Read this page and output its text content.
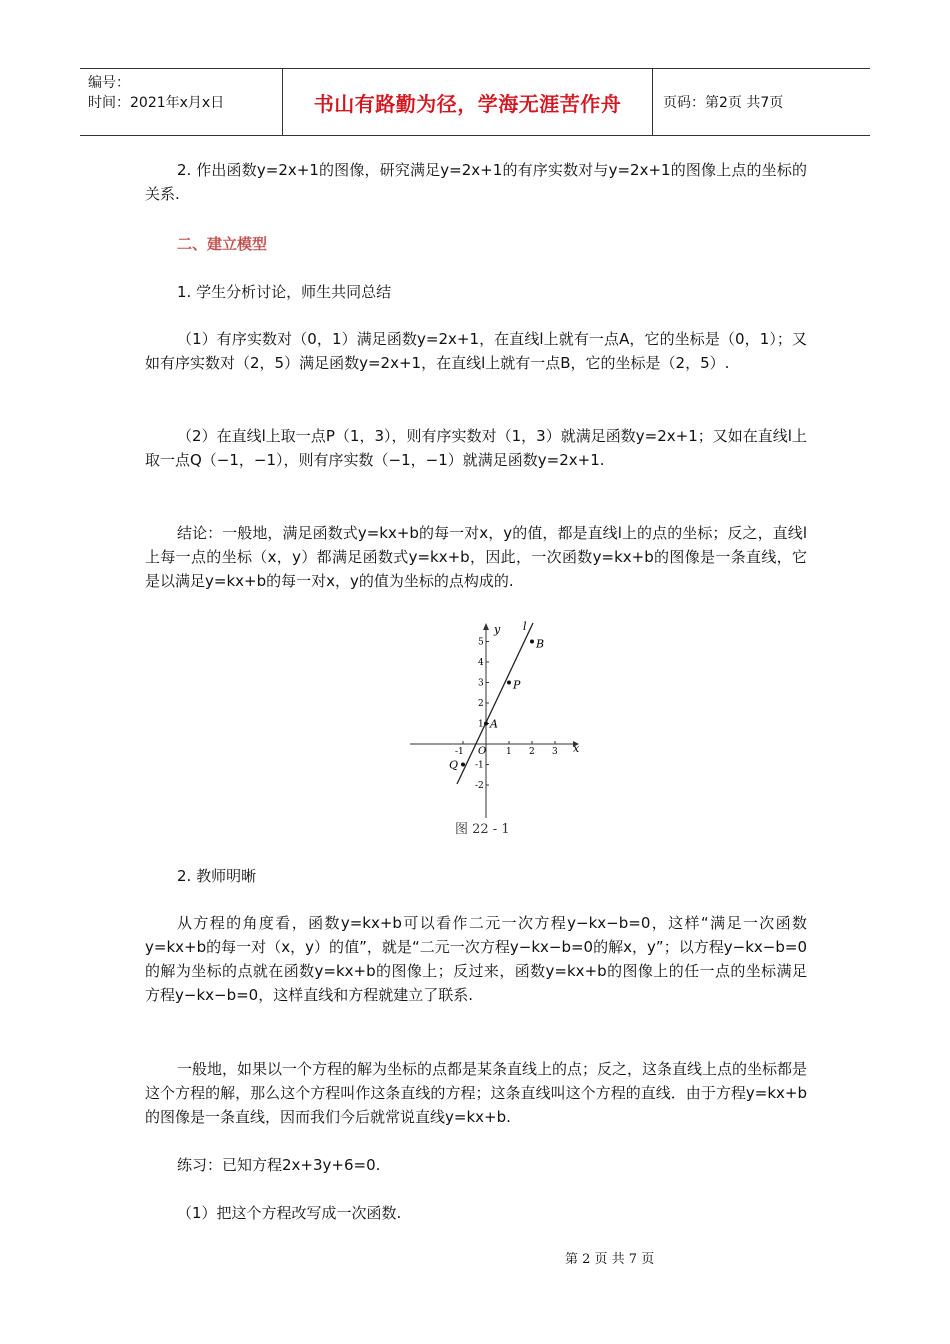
编号：
时间：2021年x月x日	书山有路勤为径，学海无涯苦作舟	页码：第2页 共7页

2. 作出函数y=2x+1的图像，研究满足y=2x+1的有序实数对与y=2x+1的图像上点的坐标的关系.

二、建立模型

1. 学生分析讨论，师生共同总结

（1）有序实数对（0，1）满足函数y=2x+1，在直线l上就有一点A，它的坐标是（0，1）；又如有序实数对（2，5）满足函数y=2x+1，在直线l上就有一点B，它的坐标是（2，5）.

（2）在直线l上取一点P（1，3），则有序实数对（1，3）就满足函数y=2x+1；又如在直线l上取一点Q（−1，−1），则有序实数（−1，−1）就满足函数y=2x+1.

结论：一般地，满足函数式y=kx+b的每一对x，y的值，都是直线l上的点的坐标；反之，直线l上每一点的坐标（x，y）都满足函数式y=kx+b，因此，一次函数y=kx+b的图像是一条直线，它是以满足y=kx+b的每一对x，y的值为坐标的点构成的.

-1	1 2 3
5
4
3
2
1
-1
-2
A
P
B
Q
x
y l
O
图 22 - 1

2. 教师明晰

从方程的角度看，函数y=kx+b可以看作二元一次方程y−kx−b=0，这样“满足一次函数y=kx+b的每一对（x，y）的值”，就是“二元一次方程y−kx−b=0的解x，y”；以方程y−kx−b=0的解为坐标的点就在函数y=kx+b的图像上；反过来，函数y=kx+b的图像上的任一点的坐标满足方程y−kx−b=0，这样直线和方程就建立了联系.

一般地，如果以一个方程的解为坐标的点都是某条直线上的点；反之，这条直线上点的坐标都是这个方程的解，那么这个方程叫作这条直线的方程；这条直线叫这个方程的直线．由于方程y=kx+b的图像是一条直线，因而我们今后就常说直线y=kx+b.

练习：已知方程2x+3y+6=0.

（1）把这个方程改写成一次函数.

第 2 页 共 7 页
